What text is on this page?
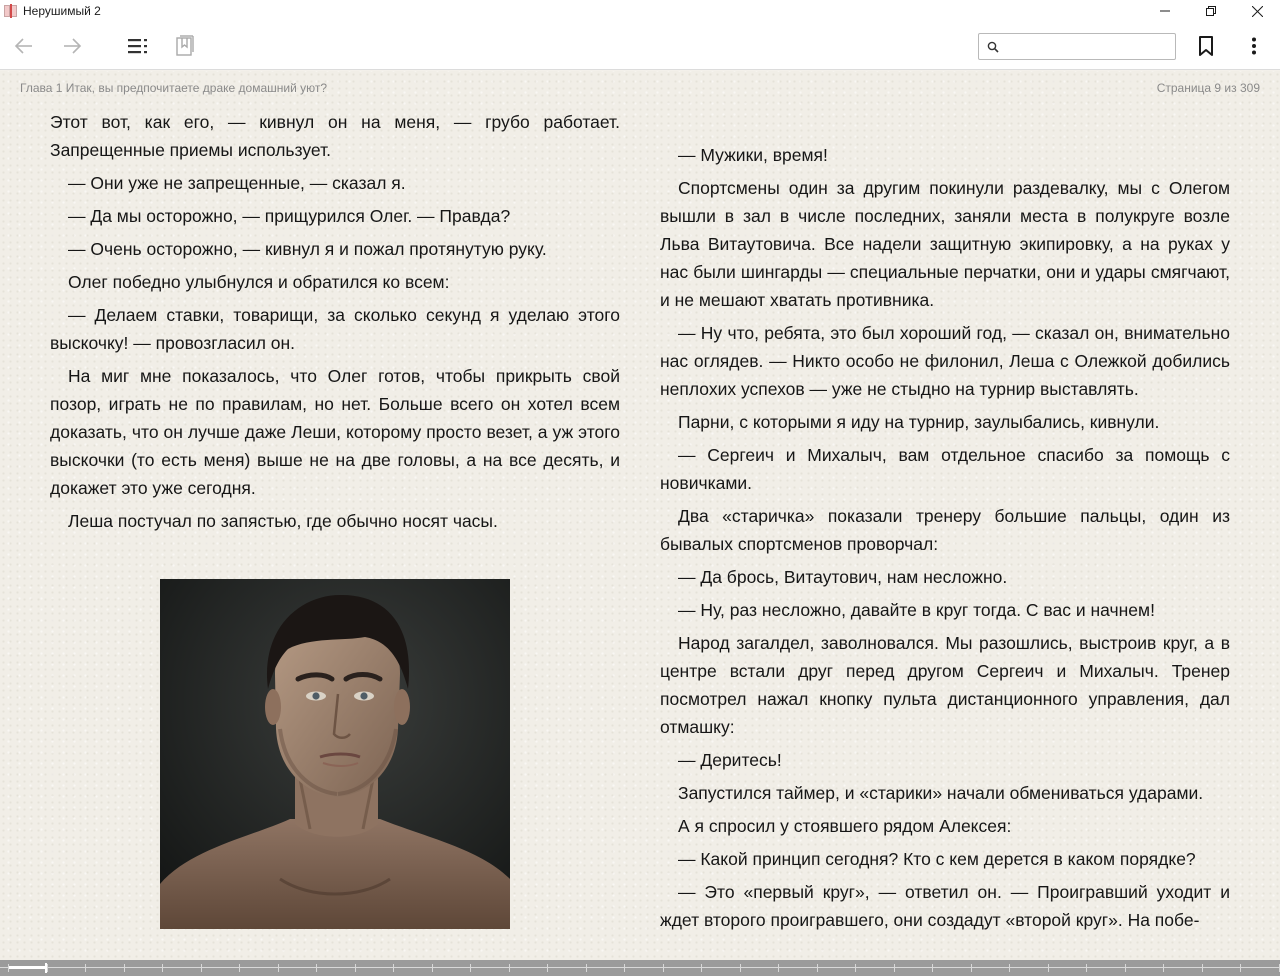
Нерушимый 2
Глава 1 Итак, вы предпочитаете драке домашний уют?	Страница 9 из 309

Этот вот, как его, — кивнул он на меня, — грубо работает. Запрещенные приемы использует.

— Они уже не запрещенные, — сказал я.

— Да мы осторожно, — прищурился Олег. — Правда?

— Очень осторожно, — кивнул я и пожал протянутую руку.

Олег победно улыбнулся и обратился ко всем:

— Делаем ставки, товарищи, за сколько секунд я уделаю этого выскочку! — провозгласил он.

На миг мне показалось, что Олег готов, чтобы прикрыть свой позор, играть не по правилам, но нет. Больше всего он хотел всем доказать, что он лучше даже Леши, которому просто везет, а уж этого выскочки (то есть меня) выше не на две головы, а на все десять, и докажет это уже сегодня.

Леша постучал по запястью, где обычно носят часы.

— Мужики, время!

Спортсмены один за другим покинули раздевалку, мы с Олегом вышли в зал в числе последних, заняли места в полукруге возле Льва Витаутовича. Все надели защитную экипировку, а на руках у нас были шингарды — специальные перчатки, они и удары смягчают, и не мешают хватать противника.

— Ну что, ребята, это был хороший год, — сказал он, внимательно нас оглядев. — Никто особо не филонил, Леша с Олежкой добились неплохих успехов — уже не стыдно на турнир выставлять.

Парни, с которыми я иду на турнир, заулыбались, кивнули.

— Сергеич и Михалыч, вам отдельное спасибо за помощь с новичками.

Два «старичка» показали тренеру большие пальцы, один из бывалых спортсменов проворчал:

— Да брось, Витаутович, нам несложно.

— Ну, раз несложно, давайте в круг тогда. С вас и начнем!

Народ загалдел, заволновался. Мы разошлись, выстроив круг, а в центре встали друг перед другом Сергеич и Михалыч. Тренер посмотрел нажал кнопку пульта дистанционного управления, дал отмашку:

— Деритесь!

Запустился таймер, и «старики» начали обмениваться ударами.

А я спросил у стоявшего рядом Алексея:

— Какой принцип сегодня? Кто с кем дерется в каком порядке?

— Это «первый круг», — ответил он. — Проигравший уходит и ждет второго проигравшего, они создадут «второй круг». На побе-
